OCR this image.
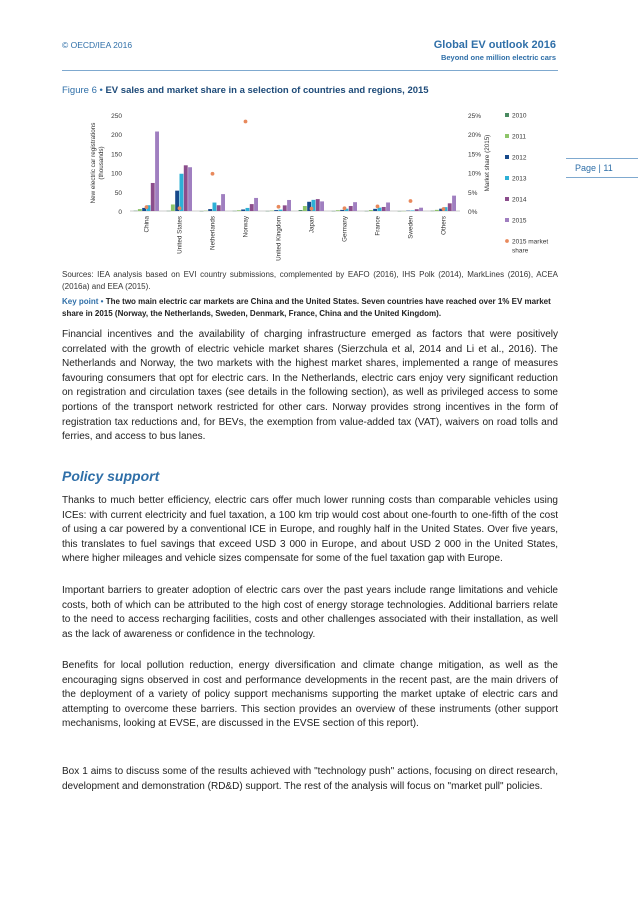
© OECD/IEA 2016	Global EV outlook 2016
Beyond one million electric cars
Page | 11
Figure 6 • EV sales and market share in a selection of countries and regions, 2015
0
50
100
150
200
250
0%
5%
10%
15%
20%
25%
New electric car registrations(thousands)	Market share (2015)
China	United States	Netherlands	Norway	United Kingdom	Japan	Germany	France	Sweden	Others
2010
2011
2012
2013
2014
2015
2015 market share
Sources: IEA analysis based on EVI country submissions, complemented by EAFO (2016), IHS Polk (2014), MarkLines (2016), ACEA (2016a) and EEA (2015).
Key point • The two main electric car markets are China and the United States. Seven countries have reached over 1% EV market share in 2015 (Norway, the Netherlands, Sweden, Denmark, France, China and the United Kingdom).
Financial incentives and the availability of charging infrastructure emerged as factors that were positively correlated with the growth of electric vehicle market shares (Sierzchula et al, 2014 and Li et al., 2016). The Netherlands and Norway, the two markets with the highest market shares, implemented a range of measures favouring consumers that opt for electric cars. In the Netherlands, electric cars enjoy very significant reduction on registration and circulation taxes (see details in the following section), as well as privileged access to some portions of the transport network restricted for other cars. Norway provides strong incentives in the form of registration tax reductions and, for BEVs, the exemption from value-added tax (VAT), waivers on road tolls and ferries, and access to bus lanes.
Policy support
Thanks to much better efficiency, electric cars offer much lower running costs than comparable vehicles using ICEs: with current electricity and fuel taxation, a 100 km trip would cost about one-fourth to one-fifth of the cost of using a car powered by a conventional ICE in Europe, and roughly half in the United States. Over five years, this translates to fuel savings that exceed USD 3 000 in Europe, and about USD 2 000 in the United States, where higher mileages and vehicle sizes compensate for some of the fuel taxation gap with Europe.
Important barriers to greater adoption of electric cars over the past years include range limitations and vehicle costs, both of which can be attributed to the high cost of energy storage technologies. Additional barriers relate to the need to access recharging facilities, costs and other challenges associated with their installation, as well as the lack of awareness or confidence in the technology.
Benefits for local pollution reduction, energy diversification and climate change mitigation, as well as the encouraging signs observed in cost and performance developments in the recent past, are the main drivers of the deployment of a variety of policy support mechanisms supporting the market uptake of electric cars and attempting to overcome these barriers. This section provides an overview of these instruments (other support mechanisms, looking at EVSE, are discussed in the EVSE section of this report).
Box 1 aims to discuss some of the results achieved with "technology push" actions, focusing on direct research, development and demonstration (RD&D) support. The rest of the analysis will focus on "market pull" policies.
